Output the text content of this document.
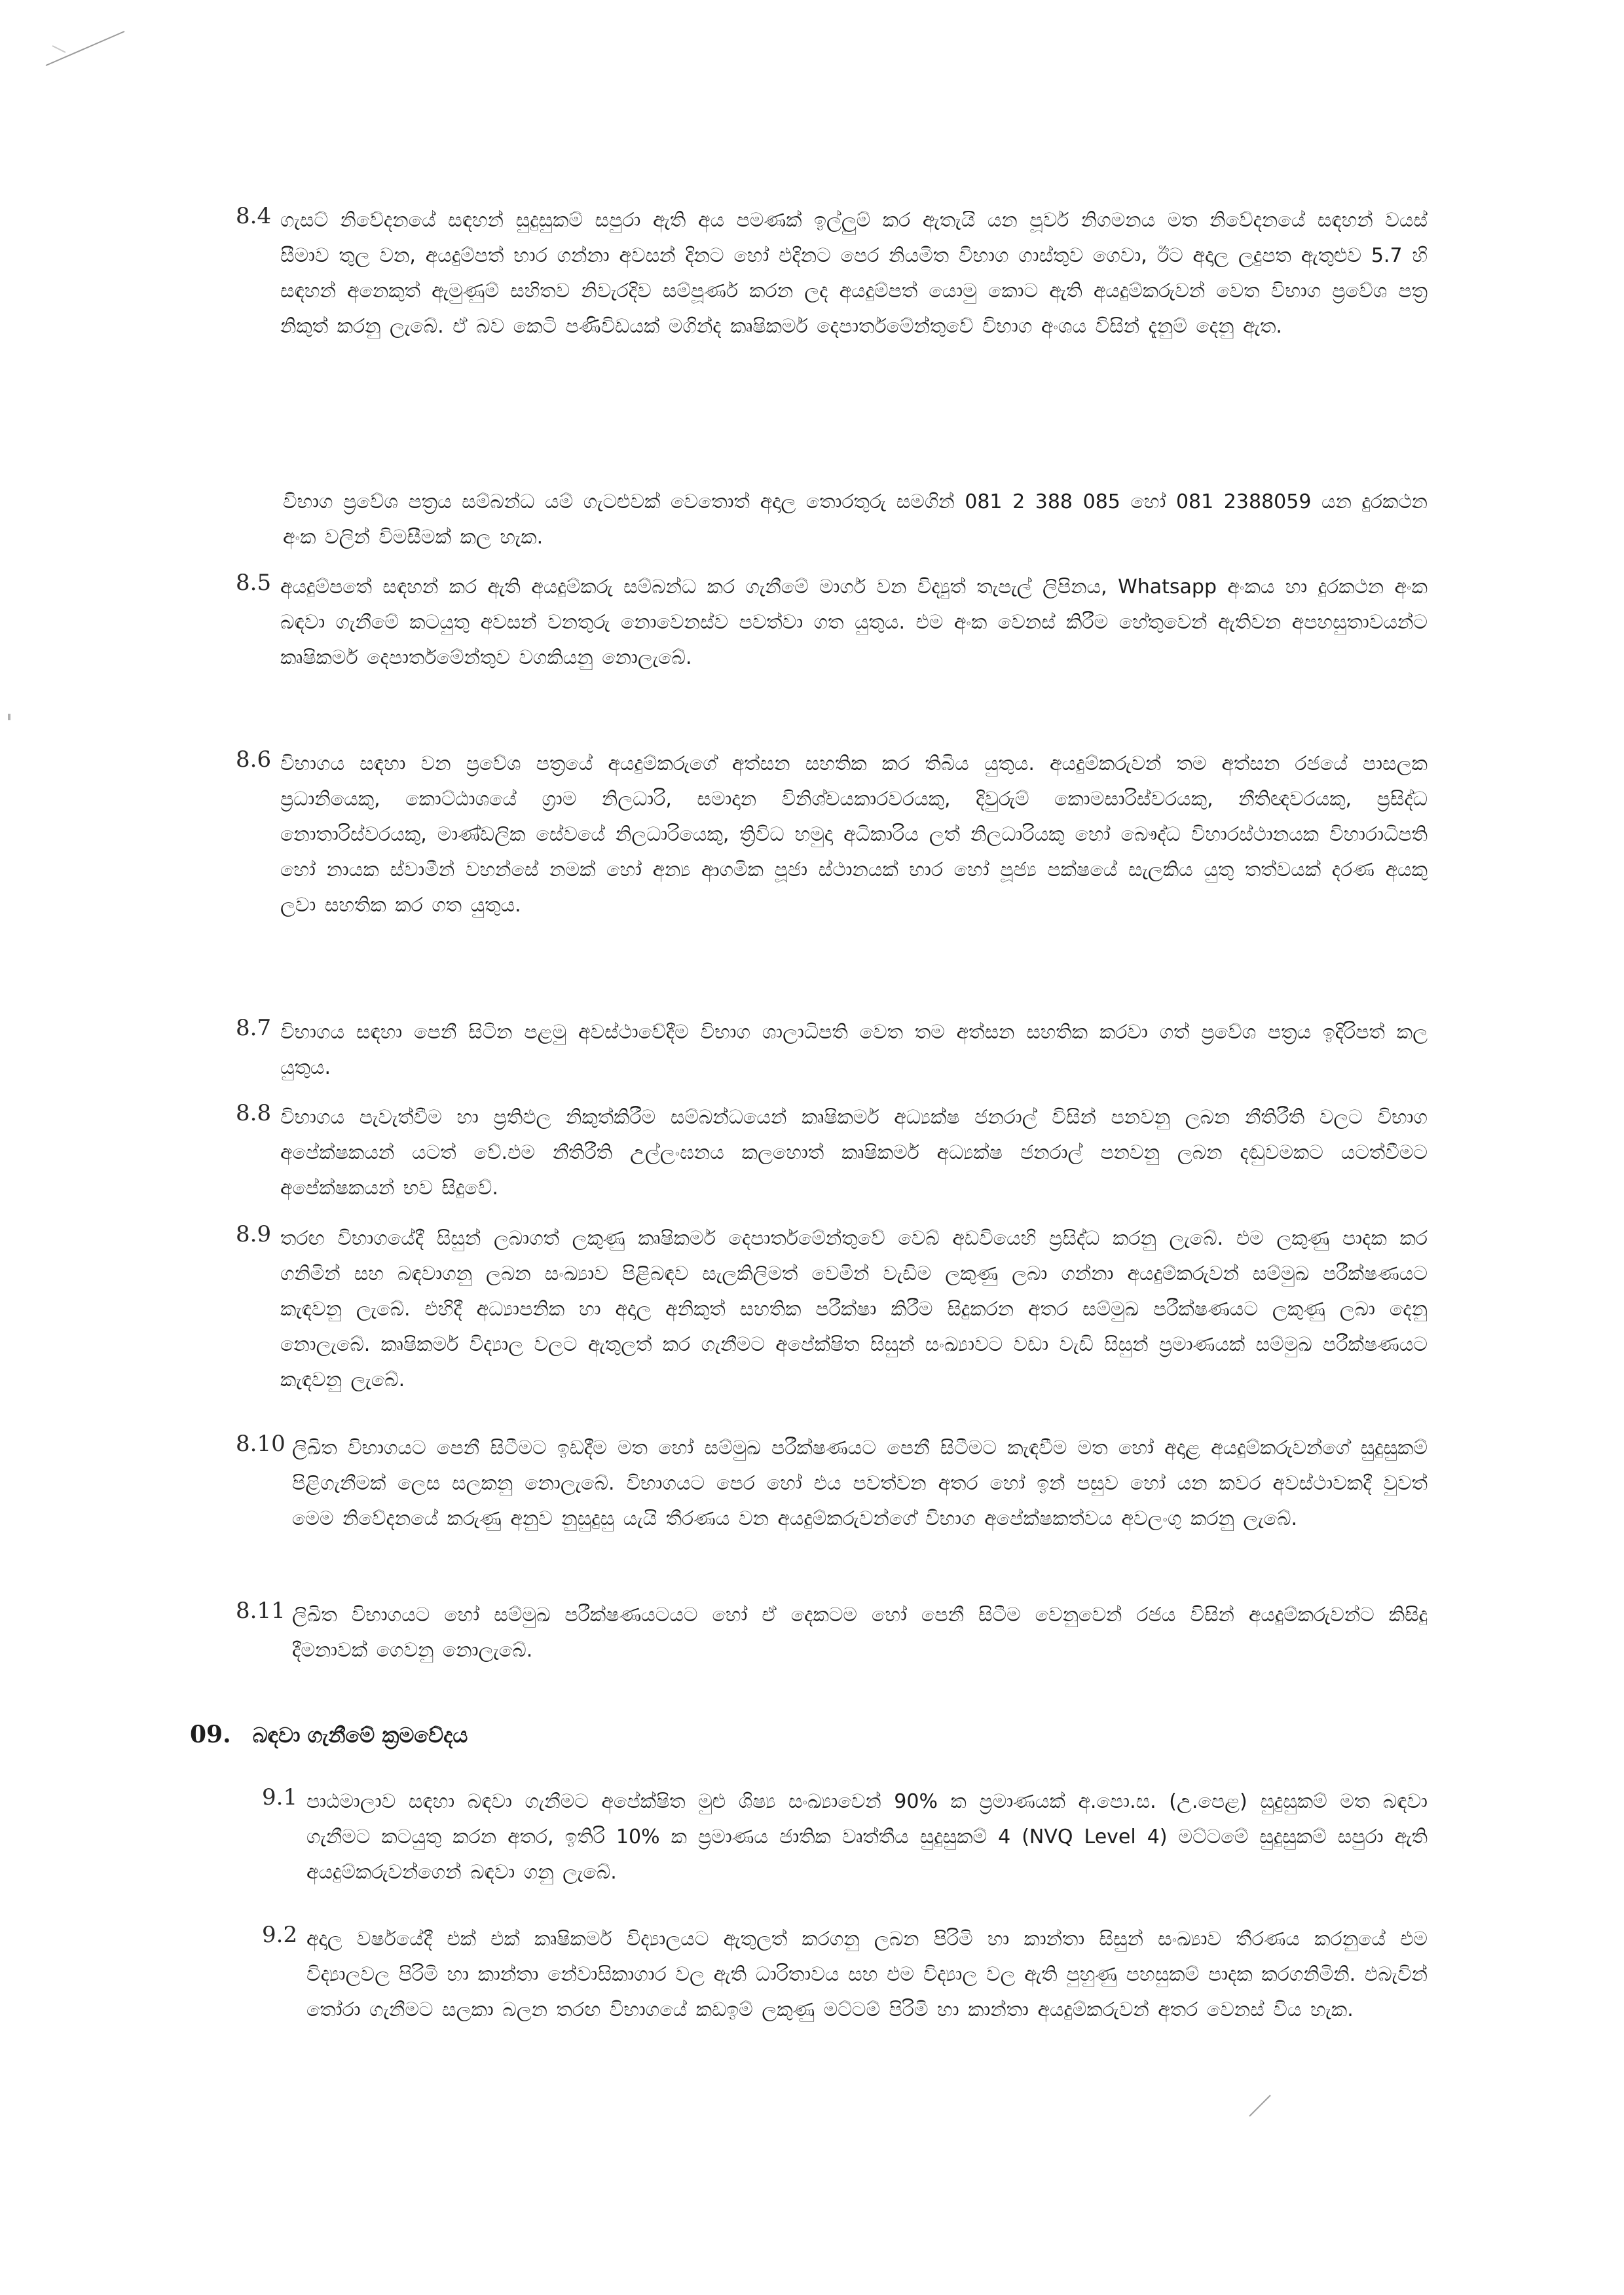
8.4 ගැසට් නිවේදනයේ සඳහන් සුදුසුකම් සපුරා ඇති අය පමණක් ඉල්ලුම් කර ඇතැයි යන පූර්ව නිගමනය මත නිවේදනයේ සඳහන් වයස් සීමාව තුල වන, අයදුම්පත් භාර ගන්නා අවසන් දිනට හෝ එදිනට පෙර නියමිත විභාග ගාස්තුව ගෙවා, ඊට අදාල ලදුපත ඇතුළුව 5.7 හි සඳහන් අනෙකුත් ඇමුණුම් සහිතව නිවැරදිව සම්පූර්ණ කරන ලද අයදුම්පත් යොමු කොට ඇති අයදුම්කරුවන් වෙත විභාග ප්‍රවේශ පත්‍ර නිකුත් කරනු ලැබේ. ඒ බව කෙටි පණිවිඩයක් මගින්ද කෘෂිකර්ම දෙපාර්තමේන්තුවේ විභාග අංශය විසින් දැනුම් දෙනු ඇත.
විභාග ප්‍රවේශ පත්‍රය සම්බන්ධ යම් ගැටළුවක් වෙතොත් අදාල තොරතුරු සමගින් 081 2 388 085 හෝ 081 2388059 යන දුරකථන අංක වලින් විමසීමක් කල හැක.
8.5 අයදුම්පතේ සඳහන් කර ඇති අයදුම්කරු සම්බන්ධ කර ගැනීමේ මාර්ග වන විද්‍යුත් තැපැල් ලිපිනය, Whatsapp අංකය හා දුරකථන අංක බඳවා ගැනීමේ කටයුතු අවසන් වනතුරු නොවෙනස්ව පවත්වා ගත යුතුය. එම අංක වෙනස් කිරීම හේතුවෙන් ඇතිවන අපහසුතාවයන්ට කෘෂිකර්ම දෙපාර්තමේන්තුව වගකියනු නොලැබේ.
8.6 විභාගය සඳහා වන ප්‍රවේශ පත්‍රයේ අයදුම්කරුගේ අත්සන සහතික කර තිබිය යුතුය. අයදුම්කරුවන් තම අත්සන රජයේ පාසලක ප්‍රධානියෙකු, කොට්ඨාශයේ ග්‍රාම නිලධාරි, සමාදාන විනිශ්චයකාරවරයකු, දිවුරුම් කොමසාරිස්වරයකු, නීතිඥවරයකු, ප්‍රසිද්ධ නොතාරිස්වරයකු, මාණ්ඩලික සේවයේ නිලධාරියෙකු, ත්‍රිවිධ හමුදා අධිකාරිය ලත් නිලධාරියකු හෝ බෞද්ධ විහාරස්ථානයක විහාරාධිපති හෝ නායක ස්වාමීන් වහන්සේ නමක් හෝ අන්‍ය ආගමික පූජා ස්ථානයක් භාර හෝ පූජ්‍ය පක්ෂයේ සැලකිය යුතු තත්වයක් දරණ අයකු ලවා සහතික කර ගත යුතුය.
8.7 විභාගය සඳහා පෙනී සිටින පළමු අවස්ථාවේදීම විභාග ශාලාධිපති වෙත තම අත්සන සහතික කරවා ගත් ප්‍රවේශ පත්‍රය ඉදිරිපත් කල යුතුය.
8.8 විභාගය පැවැත්වීම හා ප්‍රතිඵල නිකුත්කිරීම සම්බන්ධයෙන් කෘෂිකර්ම අධ්‍යක්ෂ ජනරාල් විසින් පනවනු ලබන නීතිරීති වලට විභාග අපේක්ෂකයන් යටත් වේ.එම නීතිරීති උල්ලංඝනය කලහොත් කෘෂිකර්ම අධ්‍යක්ෂ ජනරාල් පනවනු ලබන දඬුවමකට යටත්වීමට අපේක්ෂකයන් භව සිදුවේ.
8.9 තරඟ විභාගයේදී සිසුන් ලබාගත් ලකුණු කෘෂිකර්ම දෙපාර්තමේන්තුවේ වෙබ් අඩවියෙහි ප්‍රසිද්ධ කරනු ලැබේ. එම ලකුණු පාදක කර ගනිමින් සහ බඳවාගනු ලබන සංඛ්‍යාව පිළිබඳව සැලකිලිමත් වෙමින් වැඩිම ලකුණු ලබා ගන්නා අයදුම්කරුවන් සම්මුඛ පරීක්ෂණයට කැඳවනු ලැබේ. එහිදී අධ්‍යාපනික හා අදාල අනිකුත් සහතික පරීක්ෂා කිරීම සිදුකරන අතර සම්මුඛ පරීක්ෂණයට ලකුණු ලබා දෙනු නොලැබේ. කෘෂිකර්ම විද්‍යාල වලට ඇතුලත් කර ගැනීමට අපේක්ෂිත සිසුන් සංඛ්‍යාවට වඩා වැඩි සිසුන් ප්‍රමාණයක් සම්මුඛ පරීක්ෂණයට කැඳවනු ලැබේ.
8.10 ලිඛිත විභාගයට පෙනී සිටීමට ඉඩදීම මත හෝ සම්මුඛ පරීක්ෂණයට පෙනී සිටීමට කැඳවීම මත හෝ අදාළ අයදුම්කරුවන්ගේ සුදුසුකම් පිළිගැනීමක් ලෙස සලකනු නොලැබේ. විභාගයට පෙර හෝ එය පවත්වන අතර හෝ ඉන් පසුව හෝ යන කවර අවස්ථාවකදී වුවත් මෙම නිවේදනයේ කරුණු අනුව නුසුදුසු යැයි තීරණය වන අයදුම්කරුවන්ගේ විභාග අපේක්ෂකත්වය අවලංගු කරනු ලැබේ.
8.11 ලිඛිත විභාගයට හෝ සම්මුඛ පරීක්ෂණයටයට හෝ ඒ දෙකටම හෝ පෙනී සිටීම වෙනුවෙන් රජය විසින් අයදුම්කරුවන්ට කිසිදු දීමනාවක් ගෙවනු නොලැබේ.
09. බඳවා ගැනීමේ ක්‍රමවේදය
9.1 පාඨමාලාව සඳහා බඳවා ගැනීමට අපේක්ෂිත මුළු ශිෂ්‍ය සංඛ්‍යාවෙන් 90% ක ප්‍රමාණයක් අ.පො.ස. (උ.පෙළ) සුදුසුකම් මත බඳවා ගැනීමට කටයුතු කරන අතර, ඉතිරි 10% ක ප්‍රමාණය ජාතික වෘත්තීය සුදුසුකම් 4 (NVQ Level 4) මට්ටමේ සුදුසුකම් සපුරා ඇති අයදුම්කරුවන්ගෙන් බඳවා ගනු ලැබේ.
9.2 අදාල වර්ෂයේදී එක් එක් කෘෂිකර්ම විද්‍යාලයට ඇතුලත් කරගනු ලබන පිරිමි හා කාන්තා සිසුන් සංඛ්‍යාව තීරණය කරනුයේ එම විද්‍යාලවල පිරිමි හා කාන්තා නේවාසිකාගාර වල ඇති ධාරිතාවය සහ එම විද්‍යාල වල ඇති පුහුණු පහසුකම් පාදක කරගනිමිනි. එබැවින් තෝරා ගැනීමට සලකා බලන තරඟ විභාගයේ කඩඉම් ලකුණු මට්ටම් පිරිමි හා කාන්තා අයදුම්කරුවන් අතර වෙනස් විය හැක.
